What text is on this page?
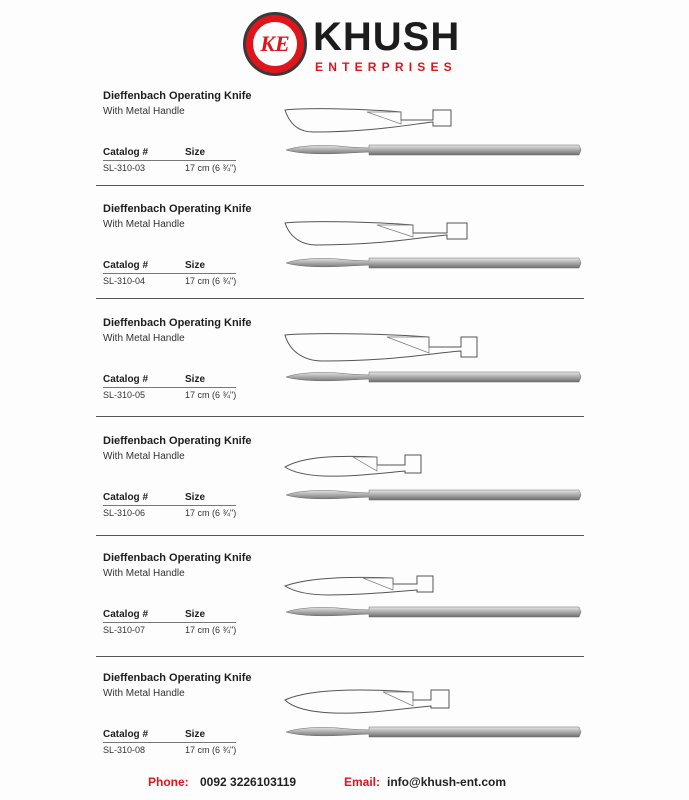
KE KHUSH
ENTERPRISES
Dieffenbach Operating Knife
With Metal Handle
Catalog #	Size
SL-310-03	17 cm (6 ¾")
Dieffenbach Operating Knife
With Metal Handle
Catalog #	Size
SL-310-04	17 cm (6 ¾")
Dieffenbach Operating Knife
With Metal Handle
Catalog #	Size
SL-310-05	17 cm (6 ¾")
Dieffenbach Operating Knife
With Metal Handle
Catalog #	Size
SL-310-06	17 cm (6 ¾")
Dieffenbach Operating Knife
With Metal Handle
Catalog #	Size
SL-310-07	17 cm (6 ¾")
Dieffenbach Operating Knife
With Metal Handle
Catalog #	Size
SL-310-08	17 cm (6 ¾")
Phone: 0092 3226103119	Email: info@khush-ent.com
